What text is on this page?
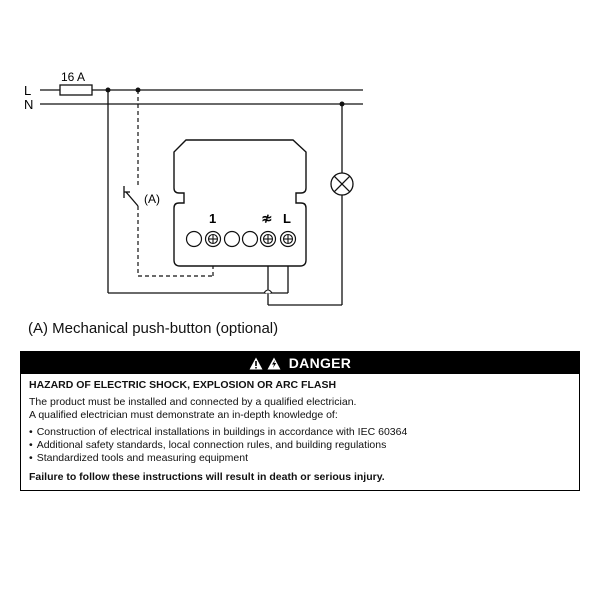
L
N
16 A
(A)
1	≉ L
(A) Mechanical push-button (optional)
DANGER
HAZARD OF ELECTRIC SHOCK, EXPLOSION OR ARC FLASH
The product must be installed and connected by a qualified electrician.
A qualified electrician must demonstrate an in-depth knowledge of:
• Construction of electrical installations in buildings in accordance with IEC 60364
• Additional safety standards, local connection rules, and building regulations
• Standardized tools and measuring equipment
Failure to follow these instructions will result in death or serious injury.
